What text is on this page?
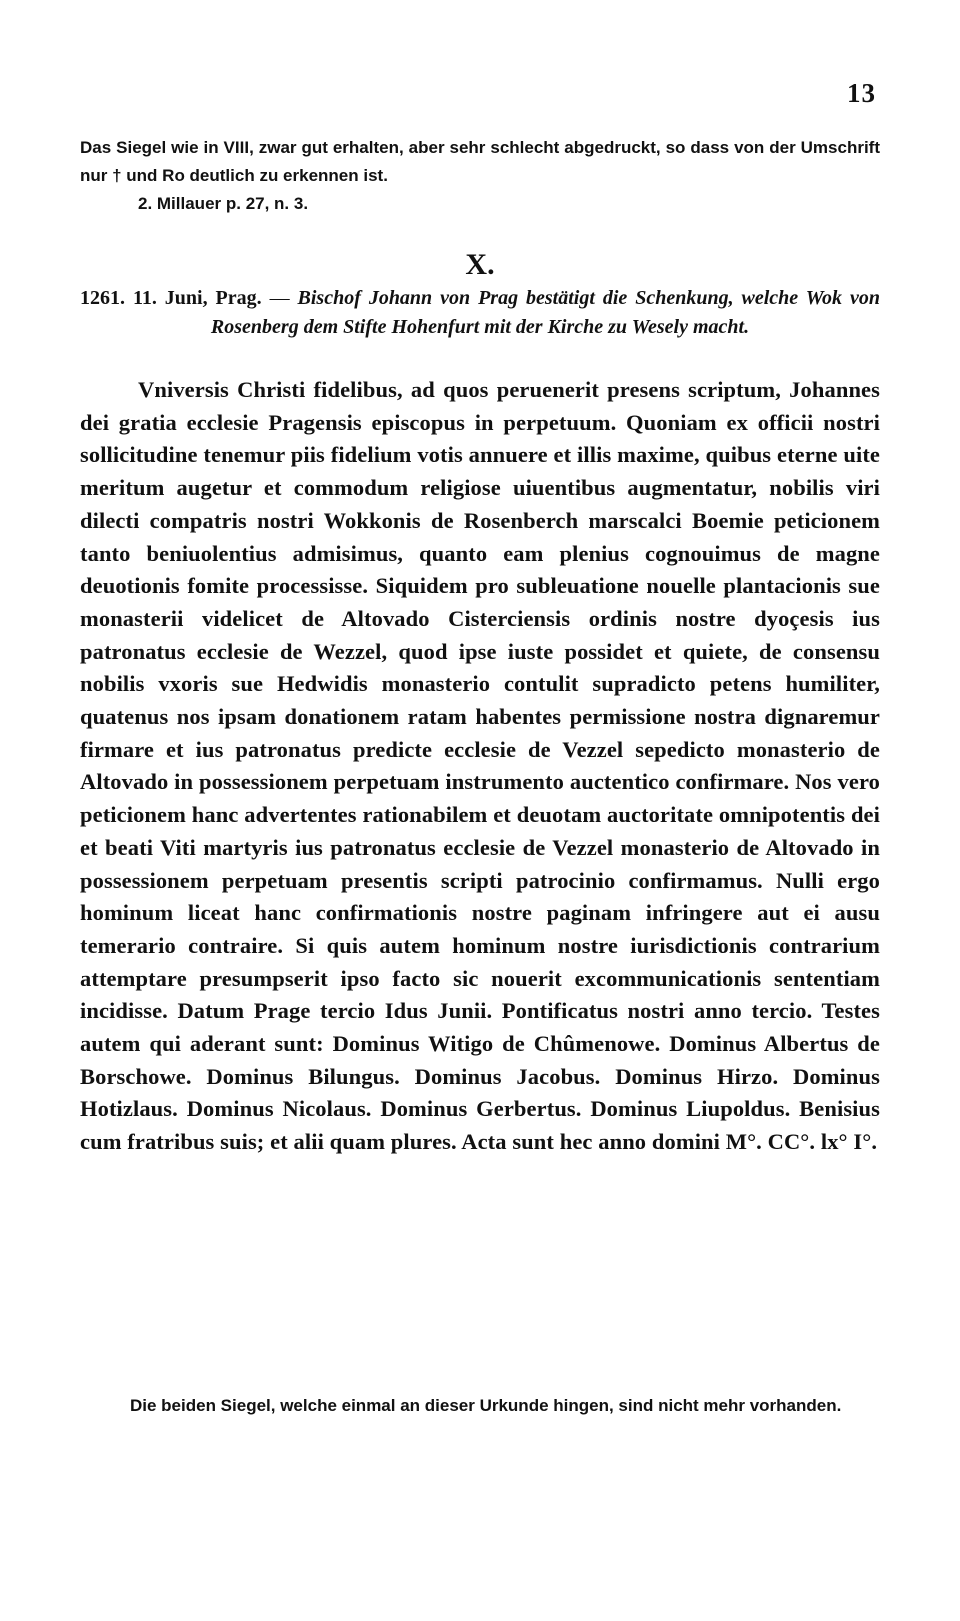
13
Das Siegel wie in VIII, zwar gut erhalten, aber sehr schlecht abgedruckt, so dass von der Umschrift nur † und Ro deutlich zu erkennen ist.
2. Millauer p. 27, n. 3.
X.
1261. 11. Juni, Prag. — Bischof Johann von Prag bestätigt die Schenkung, welche Wok von Rosenberg dem Stifte Hohenfurt mit der Kirche zu Wesely macht.
Vniversis Christi fidelibus, ad quos peruenerit presens scriptum, Johannes dei gratia ecclesie Pragensis episcopus in perpetuum. Quoniam ex officii nostri sollicitudine tenemur piis fidelium votis annuere et illis maxime, quibus eterne uite meritum augetur et commodum religiose uiuentibus augmentatur, nobilis viri dilecti compatris nostri Wokkonis de Rosenberch marscalci Boemie peticionem tanto beniuolentius admisimus, quanto eam plenius cognouimus de magne deuotionis fomite processisse. Siquidem pro subleuatione nouelle plantacionis sue monasterii videlicet de Altovado Cisterciensis ordinis nostre dyoçesis ius patronatus ecclesie de Wezzel, quod ipse iuste possidet et quiete, de consensu nobilis vxoris sue Hedwidis monasterio contulit supradicto petens humiliter, quatenus nos ipsam donationem ratam habentes permissione nostra dignaremur firmare et ius patronatus predicte ecclesie de Vezzel sepedicto monasterio de Altovado in possessionem perpetuam instrumento auctentico confirmare. Nos vero peticionem hanc advertentes rationabilem et deuotam auctoritate omnipotentis dei et beati Viti martyris ius patronatus ecclesie de Vezzel monasterio de Altovado in possessionem perpetuam presentis scripti patrocinio confirmamus. Nulli ergo hominum liceat hanc confirmationis nostre paginam infringere aut ei ausu temerario contraire. Si quis autem hominum nostre iurisdictionis contrarium attemptare presumpserit ipso facto sic nouerit excommunicationis sententiam incidisse. Datum Prage tercio Idus Junii. Pontificatus nostri anno tercio. Testes autem qui aderant sunt: Dominus Witigo de Chûmenowe. Dominus Albertus de Borschowe. Dominus Bilungus. Dominus Jacobus. Dominus Hirzo. Dominus Hotizlaus. Dominus Nicolaus. Dominus Gerbertus. Dominus Liupoldus. Benisius cum fratribus suis; et alii quam plures. Acta sunt hec anno domini M°. CC°. lx° I°.

Die beiden Siegel, welche einmal an dieser Urkunde hingen, sind nicht mehr vorhanden.
